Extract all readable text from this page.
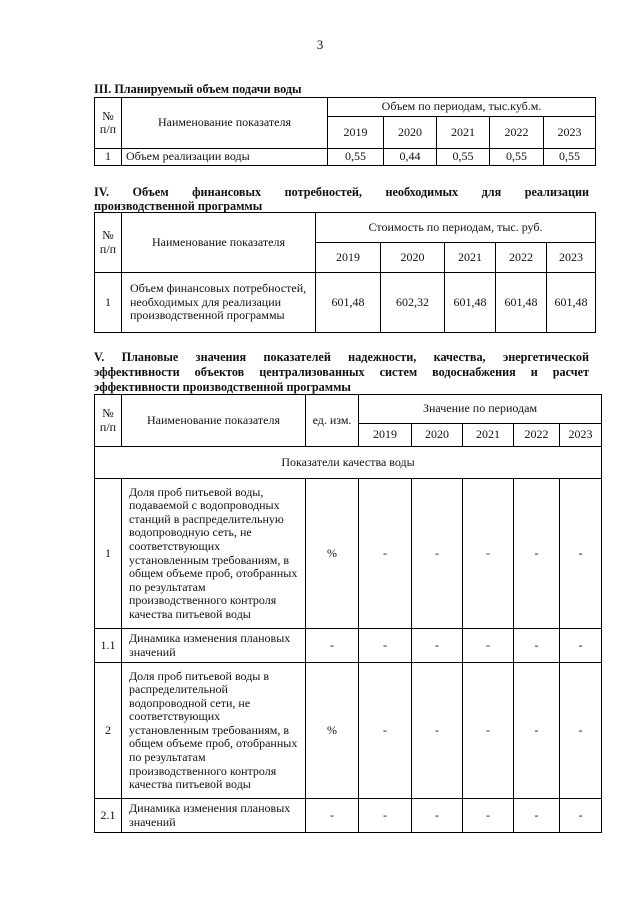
3
III. Планируемый объем подачи воды
№ п/п	Наименование показателя	Объем по периодам, тыс.куб.м.				
		2019	2020	2021	2022	2023
1	Объем реализации воды	0,55	0,44	0,55	0,55	0,55
IV. Объем финансовых потребностей, необходимых для реализации
производственной программы
№ п/п	Наименование показателя	Стоимость по периодам, тыс. руб.				
		2019	2020	2021	2022	2023
1	Объем финансовых потребностей, необходимых для реализации производственной программы	601,48	602,32	601,48	601,48	601,48
V. Плановые значения показателей надежности, качества, энергетической
эффективности объектов централизованных систем водоснабжения и расчет
эффективности производственной программы
№ п/п	Наименование показателя	ед. изм.	Значение по периодам				
			2019	2020	2021	2022	2023
Показатели качества воды							
1	Доля проб питьевой воды, подаваемой с водопроводных станций в распределительную водопроводную сеть, не соответствующих установленным требованиям, в общем объеме проб, отобранных по результатам производственного контроля качества питьевой воды	%	-	-	-	-	-
1.1	Динамика изменения плановых значений	-	-	-	-	-	-
2	Доля проб питьевой воды в распределительной водопроводной сети, не соответствующих установленным требованиям, в общем объеме проб, отобранных по результатам производственного контроля качества питьевой воды	%	-	-	-	-	-
2.1	Динамика изменения плановых значений	-	-	-	-	-	-
